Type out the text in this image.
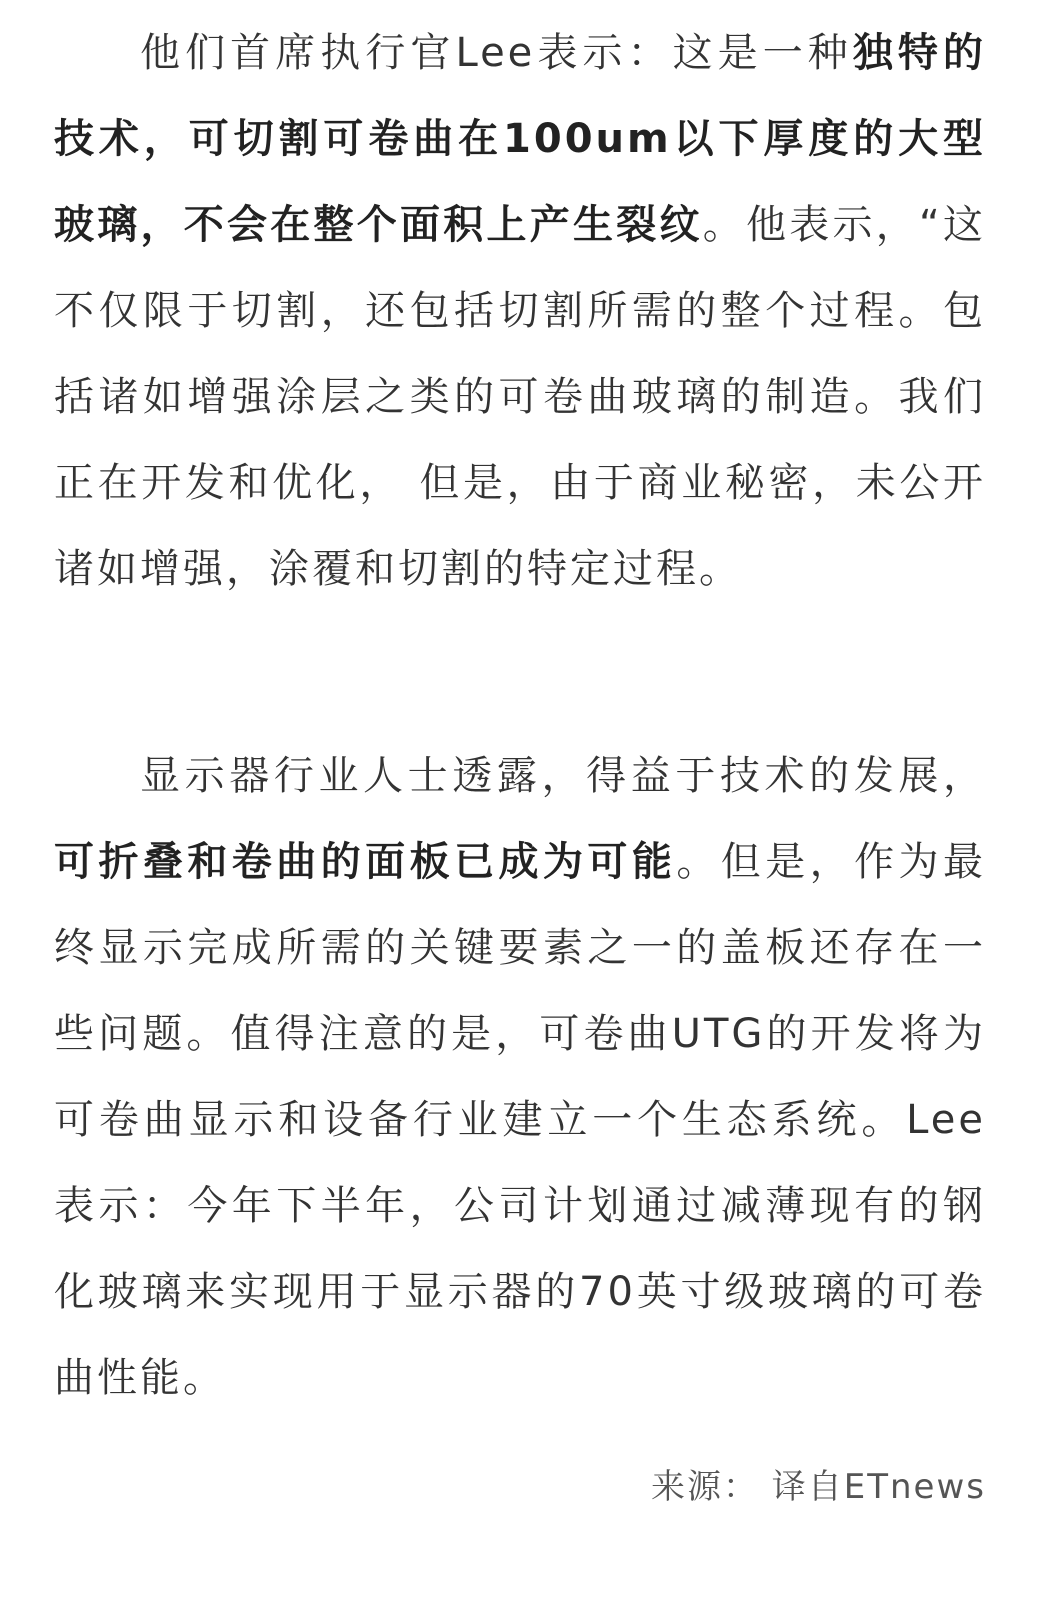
他们首席执行官Lee表示：这是一种独特的技术，可切割可卷曲在100um以下厚度的大型玻璃，不会在整个面积上产生裂纹。他表示，“这不仅限于切割，还包括切割所需的整个过程。包括诸如增强涂层之类的可卷曲玻璃的制造。我们正在开发和优化， 但是，由于商业秘密，未公开诸如增强，涂覆和切割的特定过程。

显示器行业人士透露，得益于技术的发展，可折叠和卷曲的面板已成为可能。但是，作为最终显示完成所需的关键要素之一的盖板还存在一些问题。值得注意的是，可卷曲UTG的开发将为可卷曲显示和设备行业建立一个生态系统。Lee表示：今年下半年，公司计划通过减薄现有的钢化玻璃来实现用于显示器的70英寸级玻璃的可卷曲性能。

来源： 译自ETnews
